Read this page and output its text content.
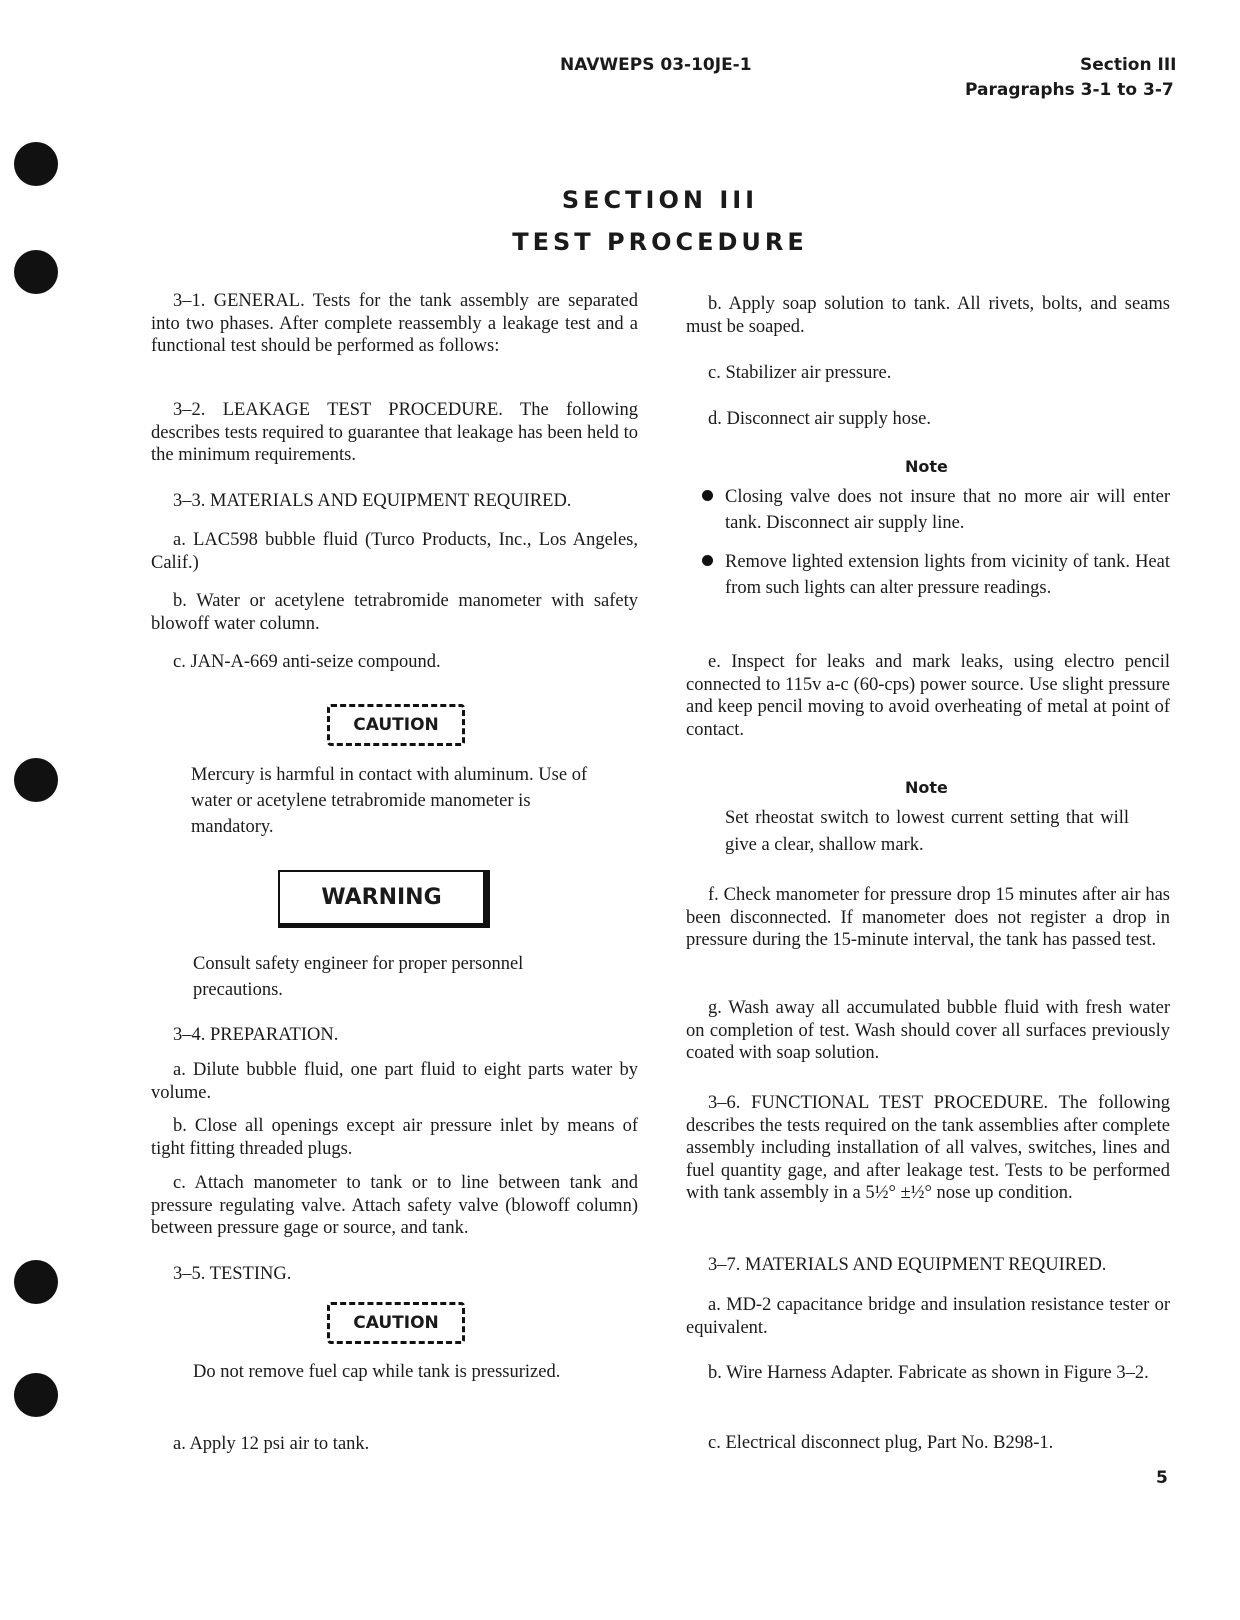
NAVWEPS 03-10JE-1	Section III
Paragraphs 3-1 to 3-7
SECTION III
TEST PROCEDURE
3–1. GENERAL. Tests for the tank assembly are separated into two phases. After complete reassembly a leakage test and a functional test should be performed as follows:
3–2. LEAKAGE TEST PROCEDURE. The following describes tests required to guarantee that leakage has been held to the minimum requirements.
3–3. MATERIALS AND EQUIPMENT REQUIRED.
a. LAC598 bubble fluid (Turco Products, Inc., Los Angeles, Calif.)
b. Water or acetylene tetrabromide manometer with safety blowoff water column.
c. JAN-A-669 anti-seize compound.
CAUTION
Mercury is harmful in contact with aluminum. Use of water or acetylene tetrabromide manometer is mandatory.
WARNING
Consult safety engineer for proper personnel precautions.
3–4. PREPARATION.
a. Dilute bubble fluid, one part fluid to eight parts water by volume.
b. Close all openings except air pressure inlet by means of tight fitting threaded plugs.
c. Attach manometer to tank or to line between tank and pressure regulating valve. Attach safety valve (blowoff column) between pressure gage or source, and tank.
3–5. TESTING.
CAUTION
Do not remove fuel cap while tank is pressurized.
a. Apply 12 psi air to tank.
b. Apply soap solution to tank. All rivets, bolts, and seams must be soaped.
c. Stabilizer air pressure.
d. Disconnect air supply hose.
Note
Closing valve does not insure that no more air will enter tank. Disconnect air supply line.
Remove lighted extension lights from vicinity of tank. Heat from such lights can alter pressure readings.
e. Inspect for leaks and mark leaks, using electro pencil connected to 115v a-c (60-cps) power source. Use slight pressure and keep pencil moving to avoid overheating of metal at point of contact.
Note
Set rheostat switch to lowest current setting that will give a clear, shallow mark.
f. Check manometer for pressure drop 15 minutes after air has been disconnected. If manometer does not register a drop in pressure during the 15-minute interval, the tank has passed test.
g. Wash away all accumulated bubble fluid with fresh water on completion of test. Wash should cover all surfaces previously coated with soap solution.
3–6. FUNCTIONAL TEST PROCEDURE. The following describes the tests required on the tank assemblies after complete assembly including installation of all valves, switches, lines and fuel quantity gage, and after leakage test. Tests to be performed with tank assembly in a 5½° ±½° nose up condition.
3–7. MATERIALS AND EQUIPMENT REQUIRED.
a. MD-2 capacitance bridge and insulation resistance tester or equivalent.
b. Wire Harness Adapter. Fabricate as shown in Figure 3–2.
c. Electrical disconnect plug, Part No. B298-1.
5
